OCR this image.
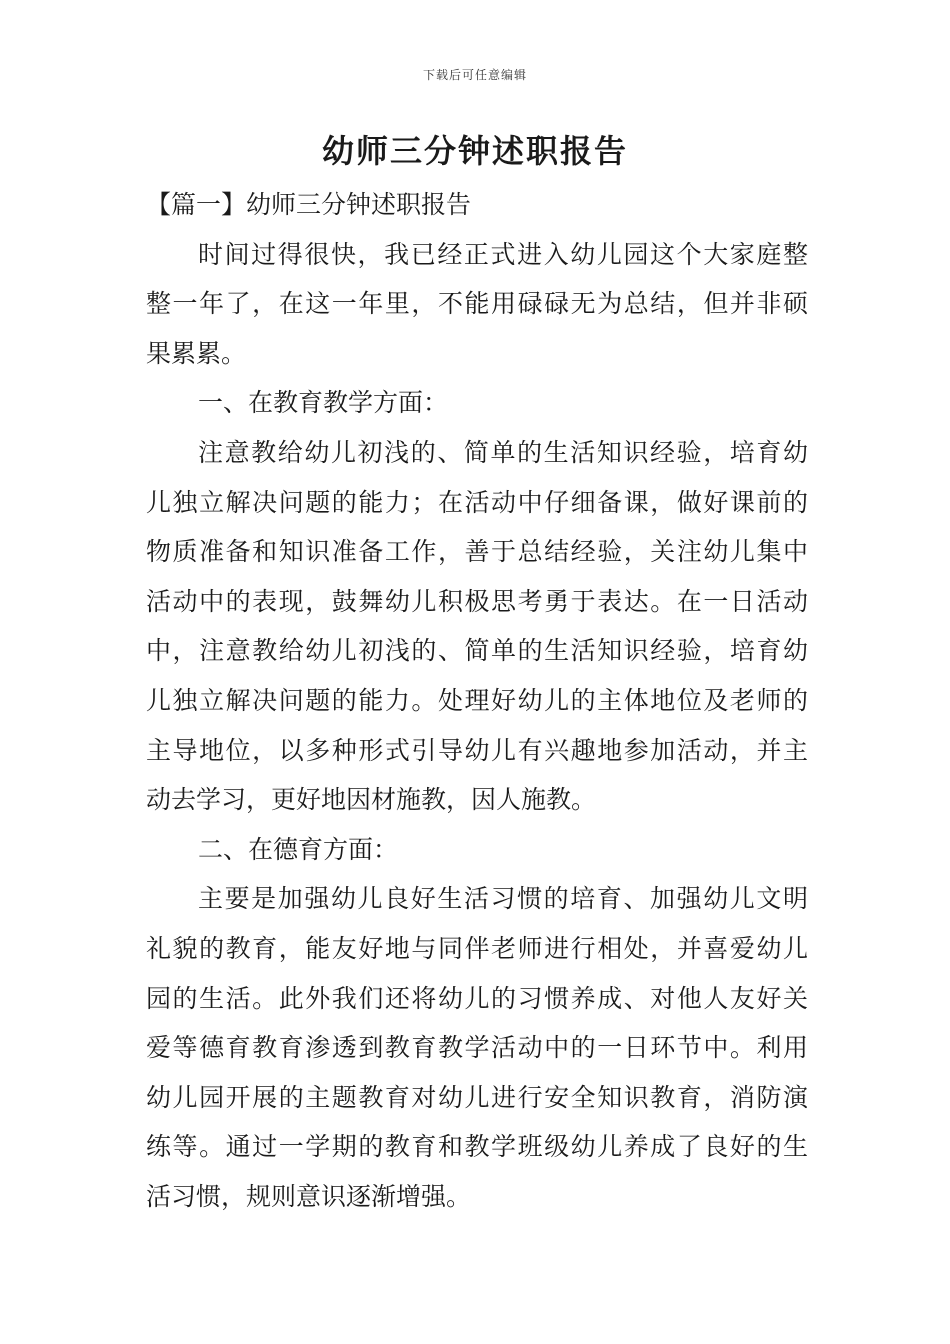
下载后可任意编辑
幼师三分钟述职报告

【篇一】幼师三分钟述职报告

时间过得很快，我已经正式进入幼儿园这个大家庭整

整一年了，在这一年里，不能用碌碌无为总结，但并非硕

果累累。

一、在教育教学方面：

注意教给幼儿初浅的、简单的生活知识经验，培育幼

儿独立解决问题的能力；在活动中仔细备课，做好课前的

物质准备和知识准备工作，善于总结经验，关注幼儿集中

活动中的表现，鼓舞幼儿积极思考勇于表达。在一日活动

中，注意教给幼儿初浅的、简单的生活知识经验，培育幼

儿独立解决问题的能力。处理好幼儿的主体地位及老师的

主导地位，以多种形式引导幼儿有兴趣地参加活动，并主

动去学习，更好地因材施教，因人施教。

二、在德育方面：

主要是加强幼儿良好生活习惯的培育、加强幼儿文明

礼貌的教育，能友好地与同伴老师进行相处，并喜爱幼儿

园的生活。此外我们还将幼儿的习惯养成、对他人友好关

爱等德育教育渗透到教育教学活动中的一日环节中。利用

幼儿园开展的主题教育对幼儿进行安全知识教育，消防演

练等。通过一学期的教育和教学班级幼儿养成了良好的生

活习惯，规则意识逐渐增强。
